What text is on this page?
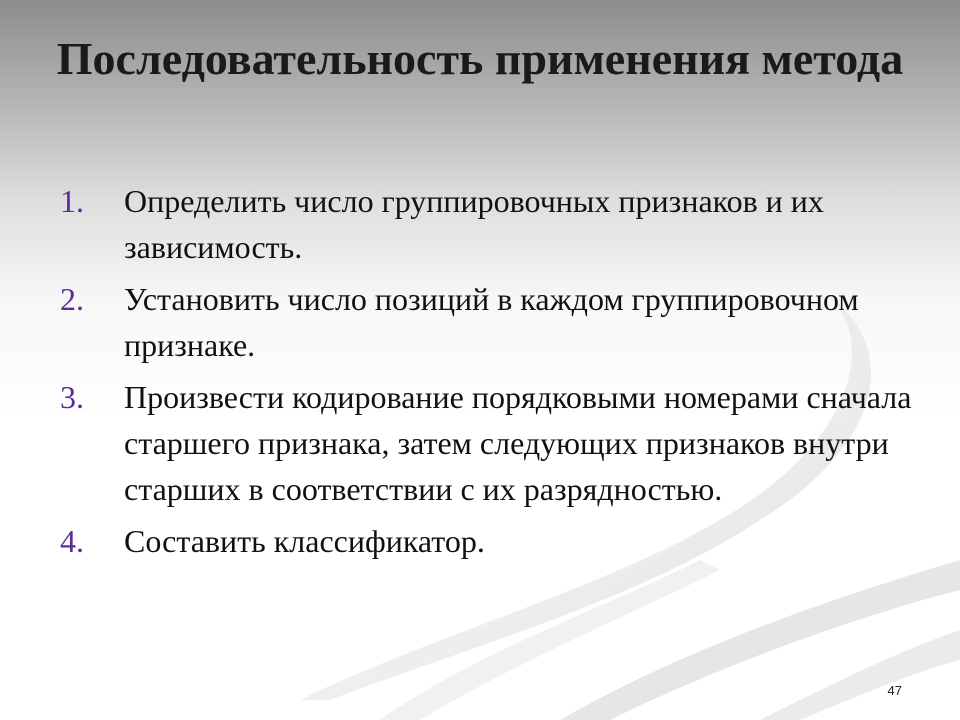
Последовательность применения метода
1. Определить число группировочных признаков и их зависимость.
2. Установить число позиций в каждом группировочном признаке.
3. Произвести кодирование порядковыми номерами сначала старшего признака, затем следующих признаков внутри старших в соответствии с их разрядностью.
4. Составить классификатор.
47
